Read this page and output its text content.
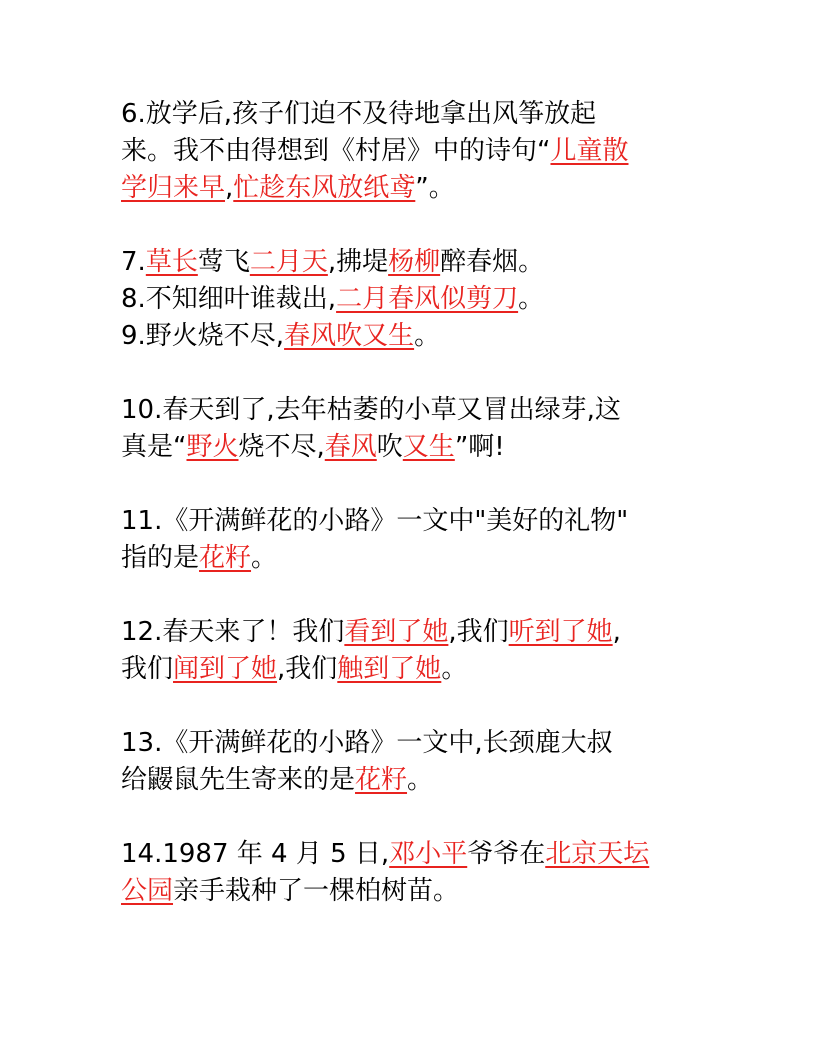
6.放学后,孩子们迫不及待地拿出风筝放起
来。我不由得想到《村居》中的诗句“儿童散
学归来早,忙趁东风放纸鸢”。
7.草长莺飞二月天,拂堤杨柳醉春烟。
8.不知细叶谁裁出,二月春风似剪刀。
9.野火烧不尽,春风吹又生。
10.春天到了,去年枯萎的小草又冒出绿芽,这
真是“野火烧不尽,春风吹又生”啊!
11.《开满鲜花的小路》一文中"美好的礼物"
指的是花籽。
12.春天来了！我们看到了她,我们听到了她,
我们闻到了她,我们触到了她。
13.《开满鲜花的小路》一文中,长颈鹿大叔
给鼹鼠先生寄来的是花籽。
14.1987 年 4 月 5 日,邓小平爷爷在北京天坛
公园亲手栽种了一棵柏树苗。
